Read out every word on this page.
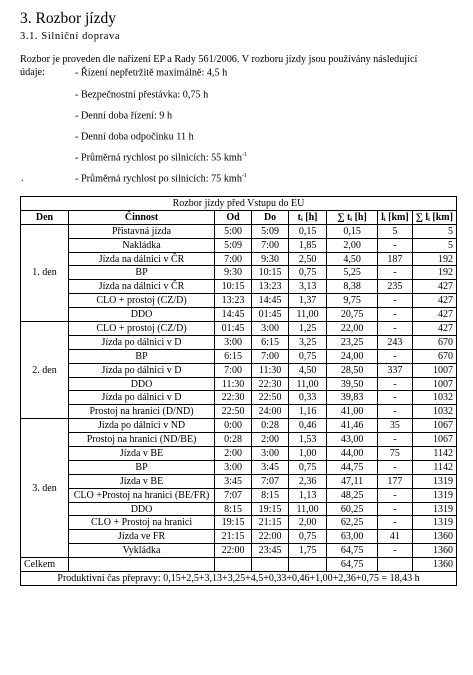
3. Rozbor jízdy
3.1. Silniční doprava
Rozbor je proveden dle nařízení EP a Rady 561/2006. V rozboru jízdy jsou používány následující
údaje:
.
- Řízení nepřetržitě maximálně: 4,5 h
- Bezpečnostní přestávka: 0,75 h
- Denní doba řízení: 9 h
- Denní doba odpočinku 11 h
- Průměrná rychlost po silnicích: 55 kmh$^{-1}$
- Průměrná rychlost po silnicích: 75 kmh$^{-1}$
Rozbor jízdy před Vstupu do EU							
Den	Činnost	Od	Do	tᵢ [h]	∑ tᵢ [h]	lᵢ [km]	∑ lᵢ [km]
1. den	Přistavná jízda	5:00	5:09	0,15	0,15	5	5
	Nakládka	5:09	7:00	1,85	2,00	-	5
	Jízda na dálnici v ČR	7:00	9:30	2,50	4,50	187	192
	BP	9:30	10:15	0,75	5,25	-	192
	Jízda na dálnici v ČR	10:15	13:23	3,13	8,38	235	427
	CLO + prostoj (CZ/D)	13:23	14:45	1,37	9,75	-	427
	DDO	14:45	01:45	11,00	20,75	-	427
2. den	CLO + prostoj (CZ/D)	01:45	3:00	1,25	22,00	-	427
	Jízda po dálnici v D	3:00	6:15	3,25	23,25	243	670
	BP	6:15	7:00	0,75	24,00	-	670
	Jízda po dálnici v D	7:00	11:30	4,50	28,50	337	1007
	DDO	11:30	22:30	11,00	39,50	-	1007
	Jízda po dálnici v D	22:30	22:50	0,33	39,83	-	1032
	Prostoj na hranici (D/ND)	22:50	24:00	1,16	41,00	-	1032
3. den	Jízda po dálnici v ND	0:00	0:28	0,46	41,46	35	1067
	Prostoj na hranici (ND/BE)	0:28	2:00	1,53	43,00	-	1067
	Jízda v BE	2:00	3:00	1,00	44,00	75	1142
	BP	3:00	3:45	0,75	44,75	-	1142
	Jízda v BE	3:45	7:07	2,36	47,11	177	1319
	CLO +Prostoj na hranici (BE/FR)	7:07	8:15	1,13	48,25	-	1319
	DDO	8:15	19:15	11,00	60,25	-	1319
	CLO + Prostoj na hranici	19:15	21:15	2,00	62,25	-	1319
	Jízda ve FR	21:15	22:00	0,75	63,00	41	1360
	Vykládka	22:00	23:45	1,75	64,75	-	1360
Celkem					64,75		1360
Produktivní čas přepravy: 0,15+2,5+3,13+3,25+4,5+0,33+0,46+1,00+2,36+0,75 = 18,43 h							
